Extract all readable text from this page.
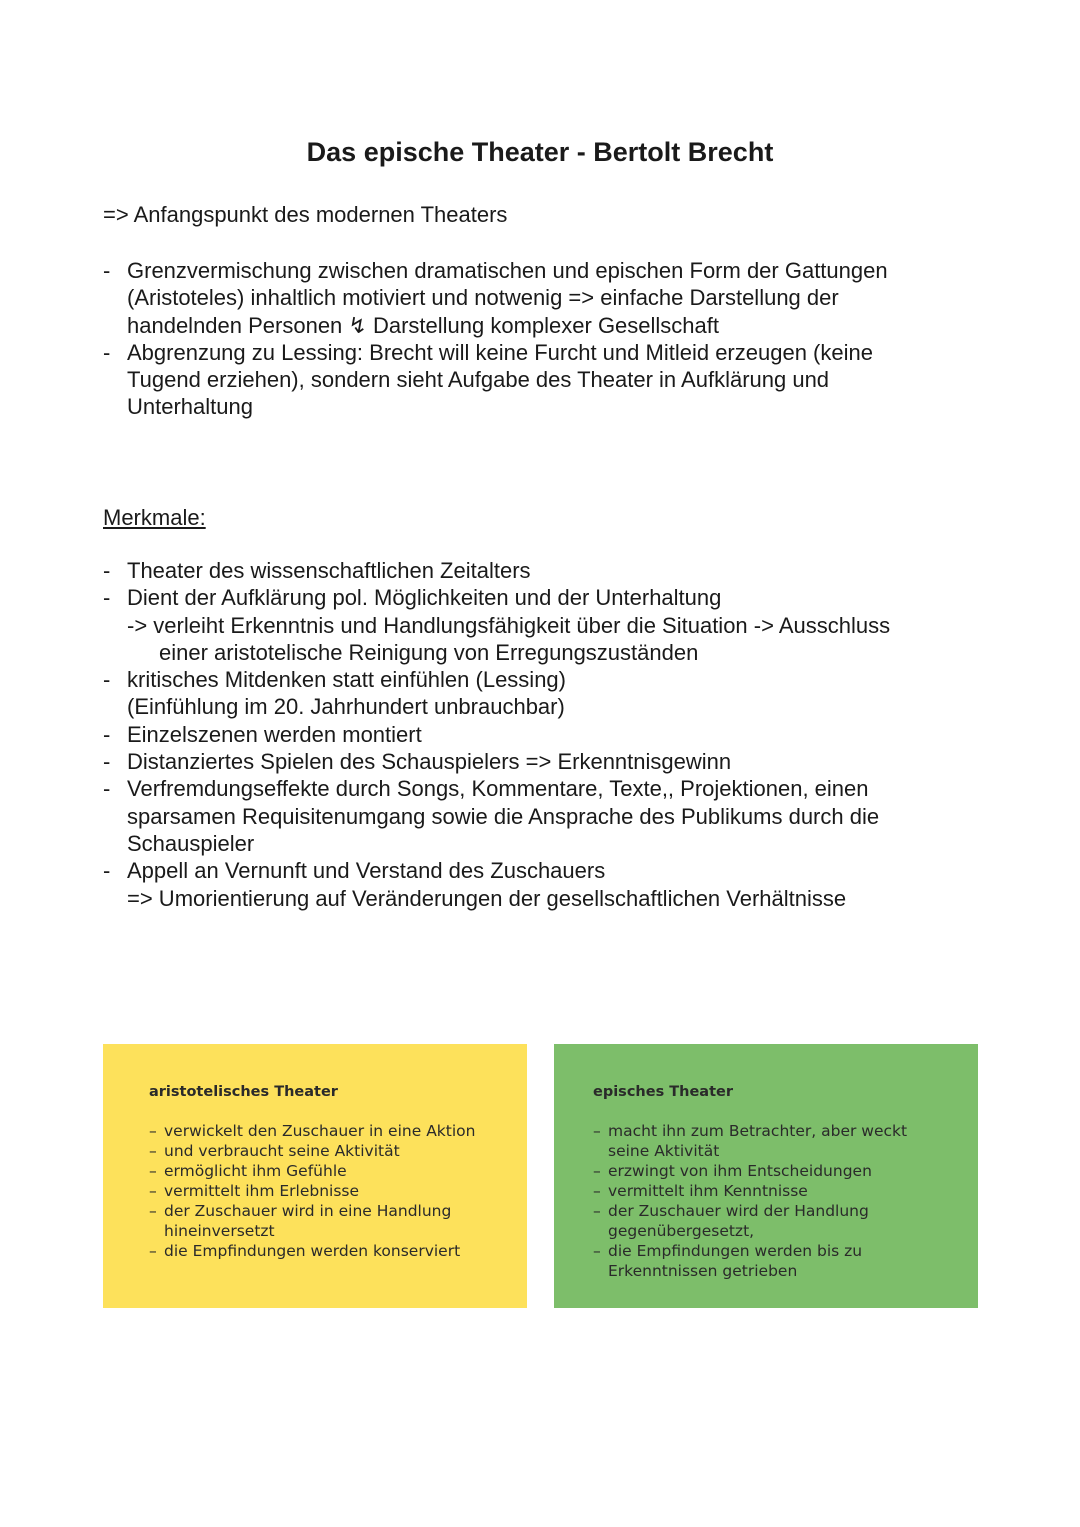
Das epische Theater - Bertolt Brecht

=> Anfangspunkt des modernen Theaters

- Grenzvermischung zwischen dramatischen und epischen Form der Gattungen
(Aristoteles) inhaltlich motiviert und notwenig => einfache Darstellung der
handelnden Personen ↯ Darstellung komplexer Gesellschaft
- Abgrenzung zu Lessing: Brecht will keine Furcht und Mitleid erzeugen (keine
Tugend erziehen), sondern sieht Aufgabe des Theater in Aufklärung und
Unterhaltung

Merkmale:

- Theater des wissenschaftlichen Zeitalters
- Dient der Aufklärung pol. Möglichkeiten und der Unterhaltung
-> verleiht Erkenntnis und Handlungsfähigkeit über die Situation -> Ausschluss
einer aristotelische Reinigung von Erregungszuständen
- kritisches Mitdenken statt einfühlen (Lessing)
(Einfühlung im 20. Jahrhundert unbrauchbar)
- Einzelszenen werden montiert
- Distanziertes Spielen des Schauspielers => Erkenntnisgewinn
- Verfremdungseffekte durch Songs, Kommentare, Texte,, Projektionen, einen
sparsamen Requisitenumgang sowie die Ansprache des Publikums durch die
Schauspieler
- Appell an Vernunft und Verstand des Zuschauers
=> Umorientierung auf Veränderungen der gesellschaftlichen Verhältnisse

aristotelisches Theater

– verwickelt den Zuschauer in eine Aktion
– und verbraucht seine Aktivität
– ermöglicht ihm Gefühle
– vermittelt ihm Erlebnisse
– der Zuschauer wird in eine Handlung hineinversetzt
– die Empfindungen werden konserviert

episches Theater

– macht ihn zum Betrachter, aber weckt seine Aktivität
– erzwingt von ihm Entscheidungen
– vermittelt ihm Kenntnisse
– der Zuschauer wird der Handlung gegenübergesetzt,
– die Empfindungen werden bis zu Erkenntnissen getrieben
